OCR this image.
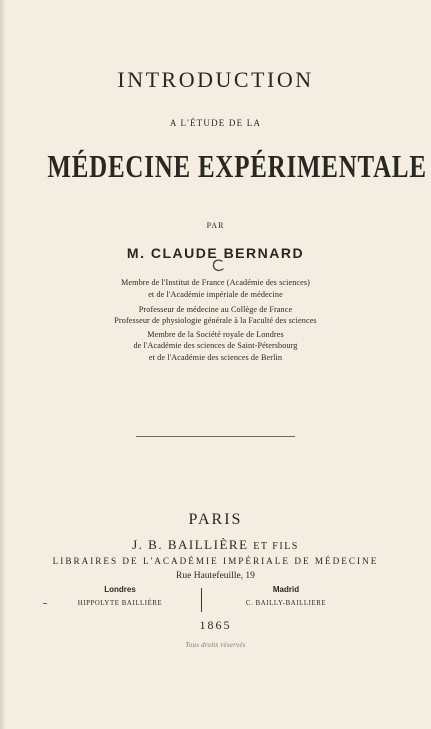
INTRODUCTION
A L'ÉTUDE DE LA
MÉDECINE EXPÉRIMENTALE
PAR
M. CLAUDE BERNARD
Membre de l'Institut de France (Académie des sciences)
et de l'Académie impériale de médecine
Professeur de médecine au Collège de France
Professeur de physiologie générale à la Faculté des sciences
Membre de la Société royale de Londres
de l'Académie des sciences de Saint-Pétersbourg
et de l'Académie des sciences de Berlin
PARIS
J. B. BAILLIÈRE ET FILS
LIBRAIRES DE L'ACADÉMIE IMPÉRIALE DE MÉDECINE
Rue Hautefeuille, 19
Londres
HIPPOLYTE BAILLIÈRE
Madrid
C. BAILLY-BAILLIERE
1865
Tous droits réservés
